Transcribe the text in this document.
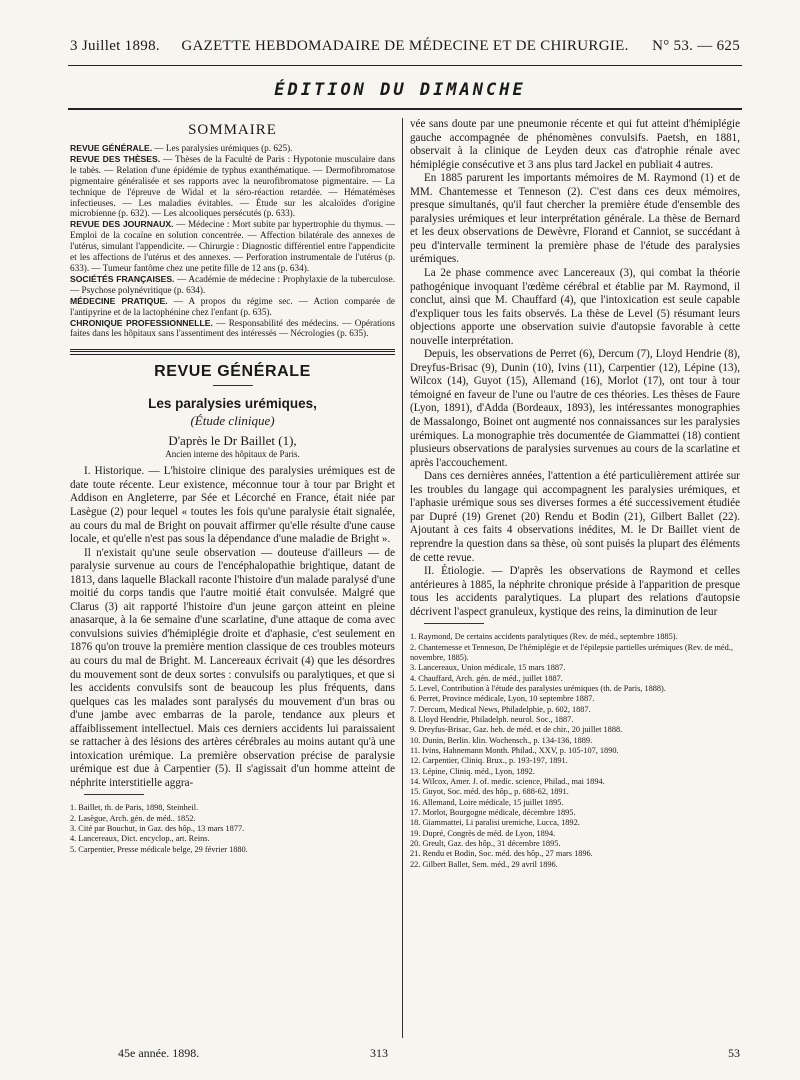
3 Juillet 1898.	GAZETTE HEBDOMADAIRE DE MÉDECINE ET DE CHIRURGIE.	N° 53. — 625
ÉDITION DU DIMANCHE
SOMMAIRE

REVUE GÉNÉRALE. — Les paralysies urémiques (p. 625).

REVUE DES THÈSES. — Thèses de la Faculté de Paris : Hypotonie musculaire dans le tabès. — Relation d'une épidémie de typhus exanthématique. — Dermofibromatose pigmentaire généralisée et ses rapports avec la neurofibromatose pigmentaire. — La technique de l'épreuve de Widal et la séro-réaction retardée. — Hématémèses infectieuses. — Les maladies évitables. — Étude sur les alcaloïdes d'origine microbienne (p. 632). — Les alcooliques persécutés (p. 633).

REVUE DES JOURNAUX. — Médecine : Mort subite par hypertrophie du thymus. — Emploi de la cocaïne en solution concentrée. — Affection bilatérale des annexes de l'utérus, simulant l'appendicite. — Chirurgie : Diagnostic différentiel entre l'appendicite et les affections de l'utérus et des annexes. — Perforation instrumentale de l'utérus (p. 633). — Tumeur fantôme chez une petite fille de 12 ans (p. 634).

SOCIÉTÉS FRANÇAISES. — Académie de médecine : Prophylaxie de la tuberculose. — Psychose polynévritique (p. 634).

MÉDECINE PRATIQUE. — A propos du régime sec. — Action comparée de l'antipyrine et de la lactophénine chez l'enfant (p. 635).

CHRONIQUE PROFESSIONNELLE. — Responsabilité des médecins. — Opérations faites dans les hôpitaux sans l'assentiment des intéressés — Nécrologies (p. 635).

REVUE GÉNÉRALE
Les paralysies urémiques,
(Étude clinique)
D'après le Dr Baillet (1),
Ancien interne des hôpitaux de Paris.

I. Historique. — L'histoire clinique des paralysies urémiques est de date toute récente. Leur existence, méconnue tour à tour par Bright et Addison en Angleterre, par Sée et Lécorché en France, était niée par Lasègue (2) pour lequel « toutes les fois qu'une paralysie était signalée, au cours du mal de Bright on pouvait affirmer qu'elle résulte d'une cause locale, et qu'elle n'est pas sous la dépendance d'une maladie de Bright ».

Il n'existait qu'une seule observation — douteuse d'ailleurs — de paralysie survenue au cours de l'encéphalopathie brightique, datant de 1813, dans laquelle Blackall raconte l'histoire d'un malade paralysé d'une moitié du corps tandis que l'autre moitié était convulsée. Malgré que Clarus (3) ait rapporté l'histoire d'un jeune garçon atteint en pleine anasarque, à la 6e semaine d'une scarlatine, d'une attaque de coma avec convulsions suivies d'hémiplégie droite et d'aphasie, c'est seulement en 1876 qu'on trouve la première mention classique de ces troubles moteurs au cours du mal de Bright. M. Lancereaux écrivait (4) que les désordres du mouvement sont de deux sortes : convulsifs ou paralytiques, et que si les accidents convulsifs sont de beaucoup les plus fréquents, dans quelques cas les malades sont paralysés du mouvement d'un bras ou d'une jambe avec embarras de la parole, tendance aux pleurs et affaiblissement intellectuel. Mais ces derniers accidents lui paraissaient se rattacher à des lésions des artères cérébrales au moins autant qu'à une intoxication urémique. La première observation précise de paralysie urémique est due à Carpentier (5). Il s'agissait d'un homme atteint de néphrite interstitielle aggra-

1. Baillet, th. de Paris, 1898, Steinheil.
2. Lasègue, Arch. gén. de méd.. 1852.
3. Cité par Bouchut, in Gaz. des hôp., 13 mars 1877.
4. Lancereaux, Dict. encyclop., art. Reins.
5. Carpentier, Presse médicale belge, 29 février 1880.

vée sans doute par une pneumonie récente et qui fut atteint d'hémiplégie gauche accompagnée de phénomènes convulsifs. Paetsh, en 1881, observait à la clinique de Leyden deux cas d'atrophie rénale avec hémiplégie consécutive et 3 ans plus tard Jackel en publiait 4 autres.

En 1885 parurent les importants mémoires de M. Raymond (1) et de MM. Chantemesse et Tenneson (2). C'est dans ces deux mémoires, presque simultanés, qu'il faut chercher la première étude d'ensemble des paralysies urémiques et leur interprétation générale. La thèse de Bernard et les deux observations de Dewèvre, Florand et Canniot, se succédant à peu d'intervalle terminent la première phase de l'étude des paralysies urémiques.

La 2e phase commence avec Lancereaux (3), qui combat la théorie pathogénique invoquant l'œdème cérébral et établie par M. Raymond, il conclut, ainsi que M. Chauffard (4), que l'intoxication est seule capable d'expliquer tous les faits observés. La thèse de Level (5) résumant leurs objections apporte une observation suivie d'autopsie favorable à cette nouvelle interprétation.

Depuis, les observations de Perret (6), Dercum (7), Lloyd Hendrie (8), Dreyfus-Brisac (9), Dunin (10), Ivins (11), Carpentier (12), Lépine (13), Wilcox (14), Guyot (15), Allemand (16), Morlot (17), ont tour à tour témoigné en faveur de l'une ou l'autre de ces théories. Les thèses de Faure (Lyon, 1891), d'Adda (Bordeaux, 1893), les intéressantes monographies de Massalongo, Boinet ont augmenté nos connaissances sur les paralysies urémiques. La monographie très documentée de Giammattei (18) contient plusieurs observations de paralysies survenues au cours de la scarlatine et après l'accouchement.

Dans ces dernières années, l'attention a été particulièrement attirée sur les troubles du langage qui accompagnent les paralysies urémiques, et l'aphasie urémique sous ses diverses formes a été successivement étudiée par Dupré (19) Grenet (20) Rendu et Bodin (21), Gilbert Ballet (22). Ajoutant à ces faits 4 observations inédites, M. le Dr Baillet vient de reprendre la question dans sa thèse, où sont puisés la plupart des éléments de cette revue.

II. Étiologie. — D'après les observations de Raymond et celles antérieures à 1885, la néphrite chronique préside à l'apparition de presque tous les accidents paralytiques. La plupart des relations d'autopsie décrivent l'aspect granuleux, kystique des reins, la diminution de leur

1. Raymond, De certains accidents paralytiques (Rev. de méd., septembre 1885).
2. Chantemesse et Tenneson, De l'hémiplégie et de l'épilepsie partielles urémiques (Rev. de méd., novembre, 1885).
3. Lancereaux, Union médicale, 15 mars 1887.
4. Chauffard, Arch. gén. de méd., juillet 1887.
5. Level, Contribution à l'étude des paralysies urémiques (th. de Paris, 1888).
6. Perret, Province médicale, Lyon, 10 septembre 1887.
7. Dercum, Medical News, Philadelphie, p. 602, 1887.
8. Lloyd Hendrie, Philadelph. neurol. Soc., 1887.
9. Dreyfus-Brisac, Gaz. heb. de méd. et de chir., 20 juillet 1888.
10. Dunin, Berlin. klin. Wochensch., p. 134-136, 1889.
11. Ivins, Hahnemann Month. Philad., XXV, p. 105-107, 1890.
12. Carpentier, Cliniq. Brux., p. 193-197, 1891.
13. Lépine, Cliniq. méd., Lyon, 1892.
14. Wilcox, Amer. J. of. medic. science, Philad., mai 1894.
15. Guyot, Soc. méd. des hôp., p. 688-62, 1891.
16. Allemand, Loire médicale, 15 juillet 1895.
17. Morlot, Bourgogne médicale, décembre 1895.
18. Giammattei, Li paralisi uremiche, Lucca, 1892.
19. Dupré, Congrès de méd. de Lyon, 1894.
20. Greult, Gaz. des hôp., 31 décembre 1895.
21. Rendu et Bodin, Soc. méd. des hôp., 27 mars 1896.
22. Gilbert Ballet, Sem. méd., 29 avril 1896.
45e année. 1898.	313	53
